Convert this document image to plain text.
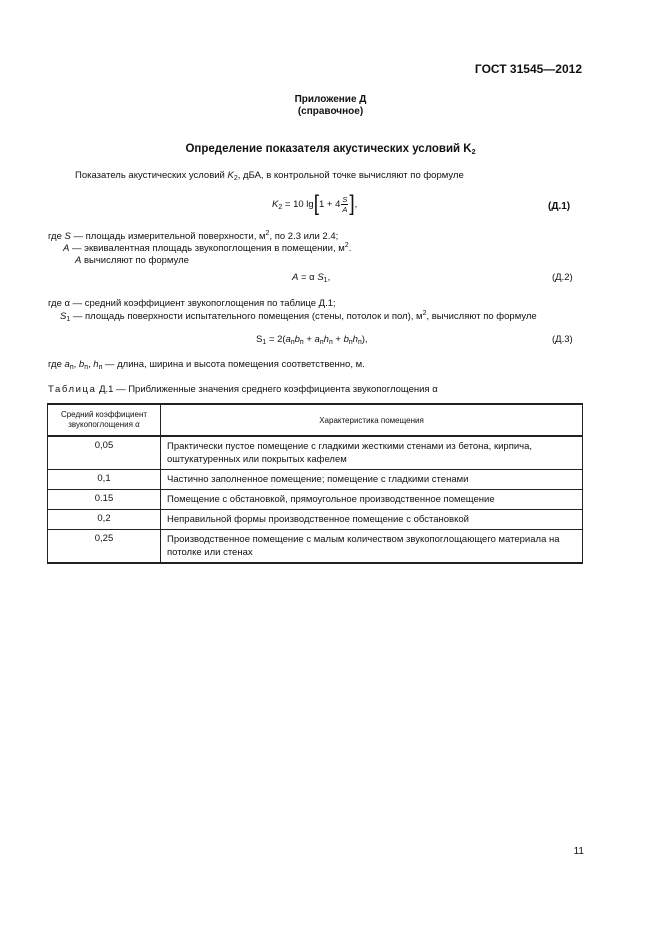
ГОСТ 31545—2012
Приложение Д
(справочное)
Определение показателя акустических условий $K_2$
Показатель акустических условий $K_2$, дБА, в контрольной точке вычисляют по формуле
$K_2 = 10$ $\lg[1 + 4 \frac{S}{A}$ ],	(Д.1)
где S — площадь измерительной поверхности, $м^2$, по 2.3 или 2.4;
A — эквивалентная площадь звукопоглощения в помещении, $м^2$.
A вычисляют по формуле
A = α $S_1$,	(Д.2)
где α — средний коэффициент звукопоглощения по таблице Д.1;
$S_1$ — площадь поверхности испытательного помещения (стены, потолок и пол), $м^2$, вычисляют по формуле
$S_1 = 2(a_пb_п + a_пh_п + b_пh_п)$,	(Д.3)
где $a_п$, $b_п$, $h_п$ — длина, ширина и высота помещения соответственно, м.
Таблица Д.1 — Приближенные значения среднего коэффициента звукопоглощения α
Средний коэффициент
звукопоглощения α	Характеристика помещения
0,05	Практически пустое помещение с гладкими жесткими стенами из бетона, кирпича, оштукатуренных или покрытых кафелем
0,1	Частично заполненное помещение; помещение с гладкими стенами
0.15	Помещение с обстановкой, прямоугольное производственное помещение
0,2	Неправильной формы производственное помещение с обстановкой
0,25	Производственное помещение с малым количеством звукопоглощающего материала на потолке или стенах
11
